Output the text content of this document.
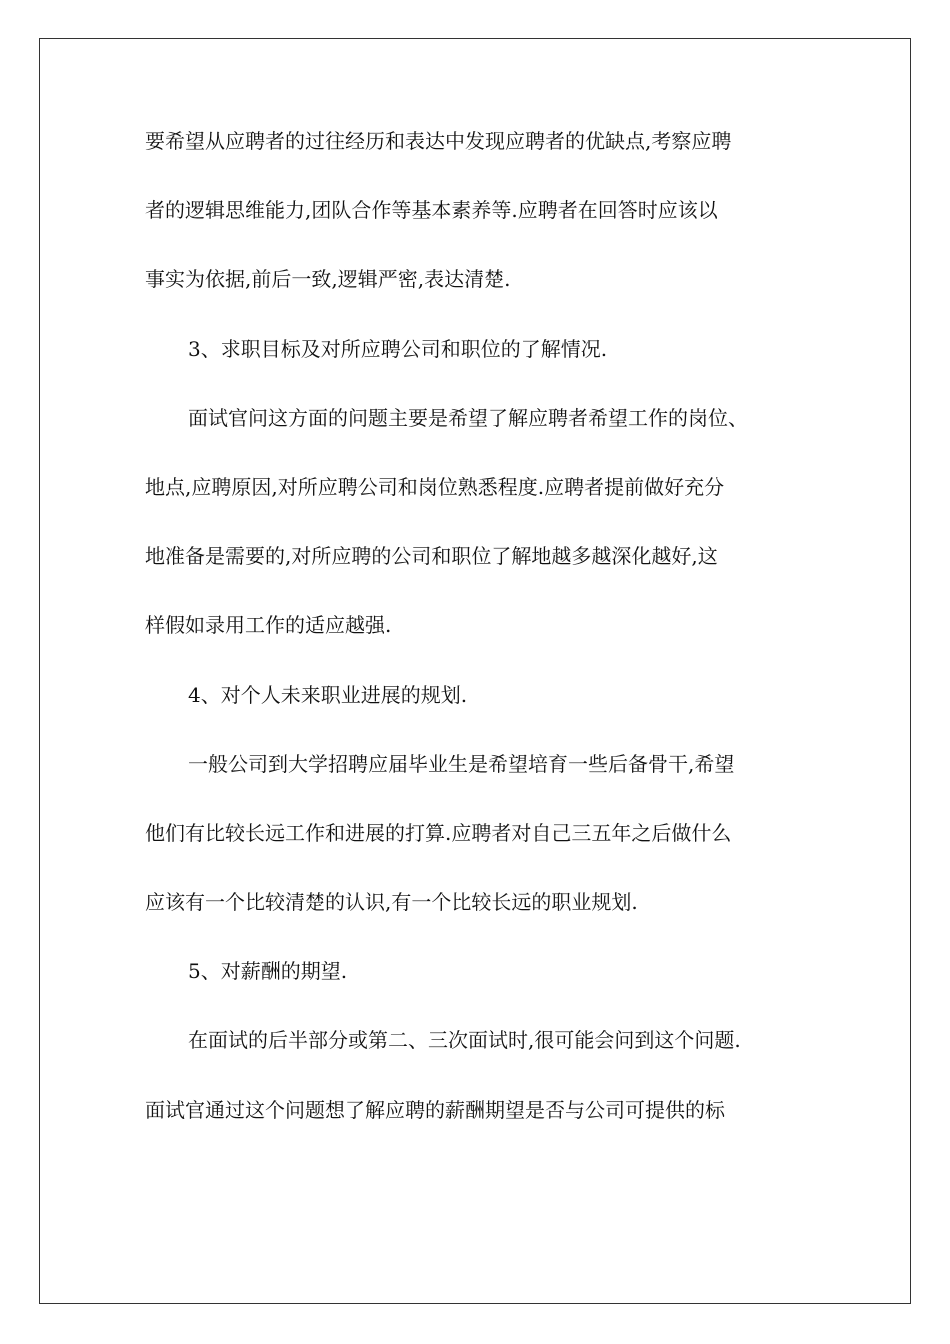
要希望从应聘者的过往经历和表达中发现应聘者的优缺点,考察应聘
者的逻辑思维能力,团队合作等基本素养等.应聘者在回答时应该以
事实为依据,前后一致,逻辑严密,表达清楚.
3、求职目标及对所应聘公司和职位的了解情况.
面试官问这方面的问题主要是希望了解应聘者希望工作的岗位、
地点,应聘原因,对所应聘公司和岗位熟悉程度.应聘者提前做好充分
地准备是需要的,对所应聘的公司和职位了解地越多越深化越好,这
样假如录用工作的适应越强.
4、对个人未来职业进展的规划.
一般公司到大学招聘应届毕业生是希望培育一些后备骨干,希望
他们有比较长远工作和进展的打算.应聘者对自己三五年之后做什么
应该有一个比较清楚的认识,有一个比较长远的职业规划.
5、对薪酬的期望.
在面试的后半部分或第二、三次面试时,很可能会问到这个问题.
面试官通过这个问题想了解应聘的薪酬期望是否与公司可提供的标
